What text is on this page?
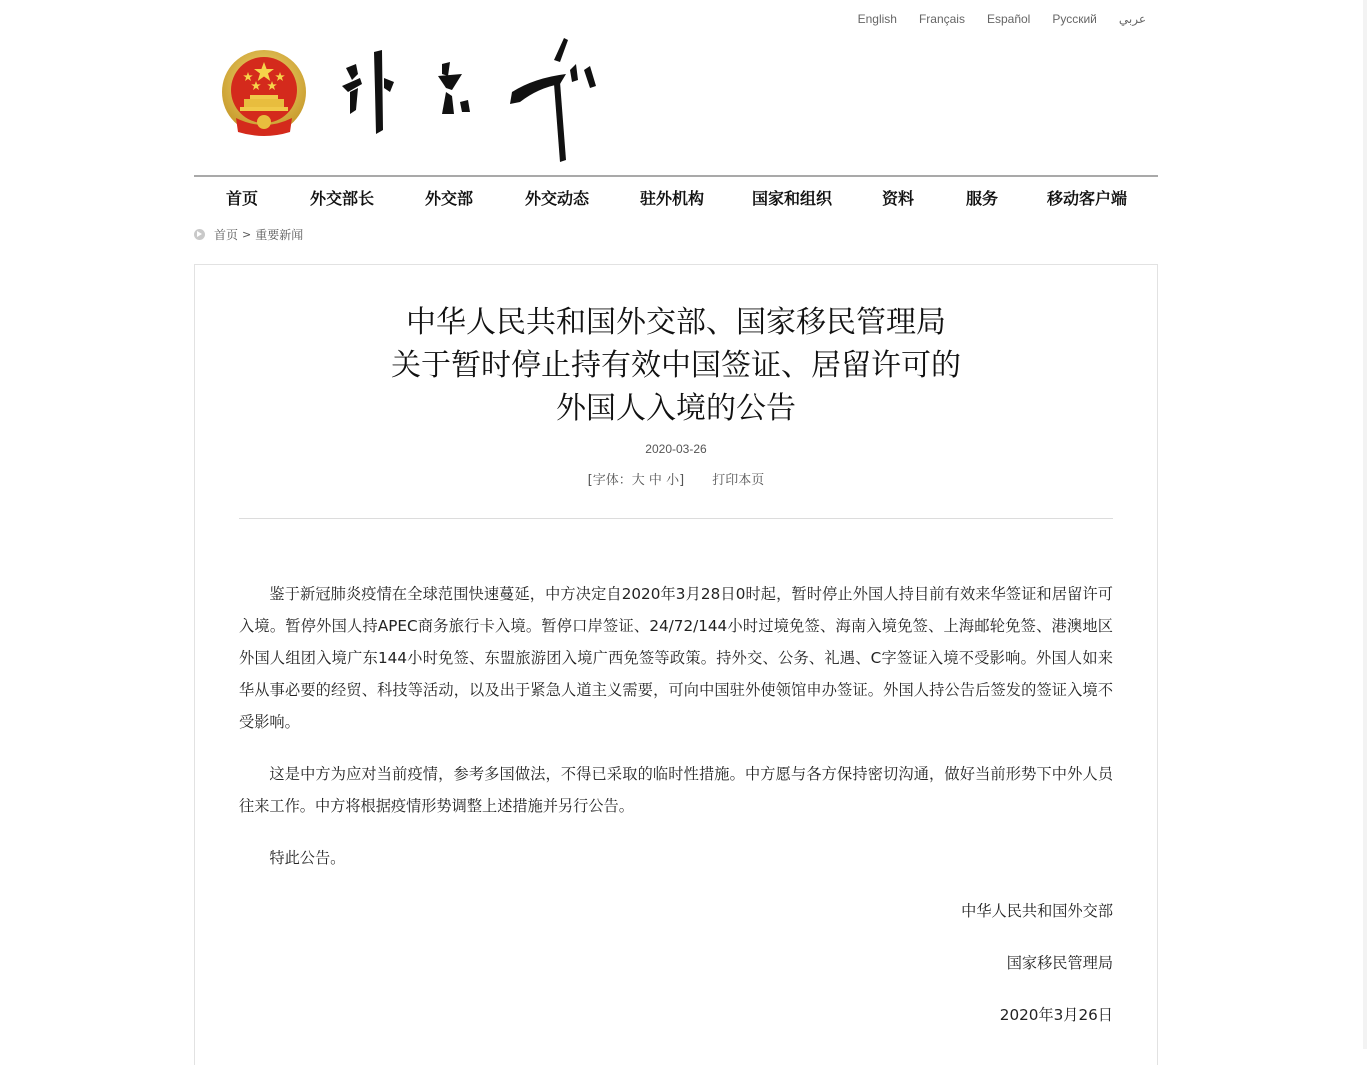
English Français Español Русский عربي
首页	外交部长	外交部	外交动态	驻外机构	国家和组织	资料	服务	移动客户端
首页 > 重要新闻
中华人民共和国外交部、国家移民管理局
关于暂时停止持有效中国签证、居留许可的
外国人入境的公告
2020-03-26
[字体：大 中 小] 打印本页

鉴于新冠肺炎疫情在全球范围快速蔓延，中方决定自2020年3月28日0时起，暂时停止外国人持目前有效来华签证和居留许可入境。暂停外国人持APEC商务旅行卡入境。暂停口岸签证、24/72/144小时过境免签、海南入境免签、上海邮轮免签、港澳地区外国人组团入境广东144小时免签、东盟旅游团入境广西免签等政策。持外交、公务、礼遇、C字签证入境不受影响。外国人如来华从事必要的经贸、科技等活动，以及出于紧急人道主义需要，可向中国驻外使领馆申办签证。外国人持公告后签发的签证入境不受影响。

这是中方为应对当前疫情，参考多国做法，不得已采取的临时性措施。中方愿与各方保持密切沟通，做好当前形势下中外人员往来工作。中方将根据疫情形势调整上述措施并另行公告。

特此公告。

中华人民共和国外交部
国家移民管理局
2020年3月26日
